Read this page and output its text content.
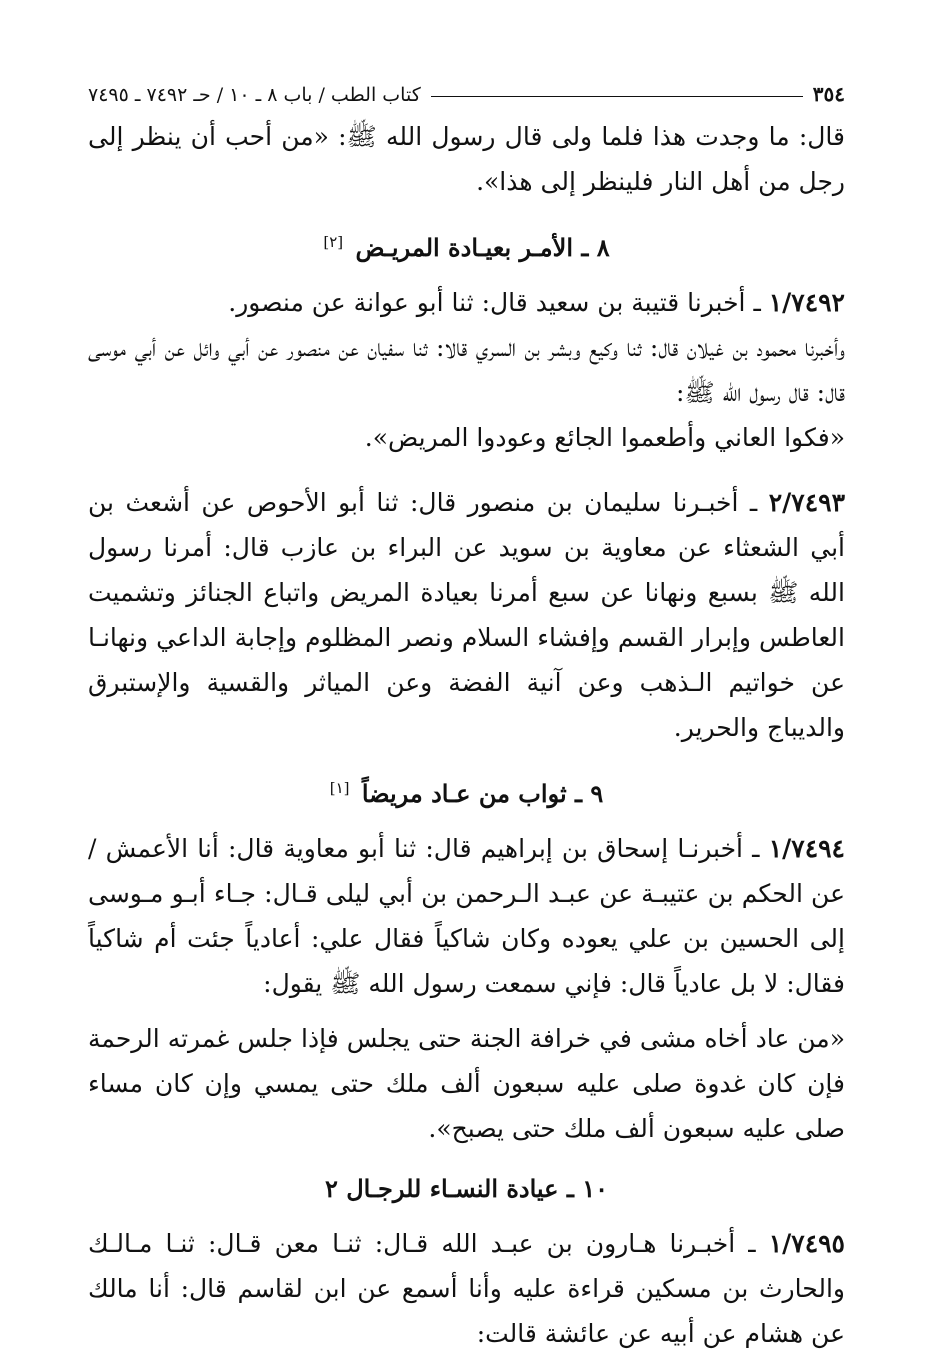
٣٥٤
كتاب الطب / باب ٨ ـ ١٠ / حـ ٧٤٩٢ ـ ٧٤٩٥

قال: ما وجدت هذا فلما ولى قال رسول الله ﷺ: «من أحب أن ينظر إلى رجل من أهل النار فلينظر إلى هذا».

٨ ـ الأمـر بعيـادة المريـض [٢]

١/٧٤٩٢ ـ أخبرنا قتيبة بن سعيد قال: ثنا أبو عوانة عن منصور.

وأخبرنا محمود بن غيلان قال: ثنا وكيع وبشر بن السري قالا: ثنا سفيان عن منصور عن أبي وائل عن أبي موسى قال: قال رسول الله ﷺ:

«فكوا العاني وأطعموا الجائع وعودوا المريض».

٢/٧٤٩٣ ـ أخبـرنا سليمان بن منصور قال: ثنا أبو الأحوص عن أشعث بن أبي الشعثاء عن معاوية بن سويد عن البراء بن عازب قال: أمرنا رسول الله ﷺ بسبع ونهانا عن سبع أمرنا بعيادة المريض واتباع الجنائز وتشميت العاطس وإبرار القسم وإفشاء السلام ونصر المظلوم وإجابة الداعي ونهانـا عن خواتيم الـذهب وعن آنية الفضة وعن المياثر والقسية والإستبرق والديباج والحرير.

٩ ـ ثواب من عـاد مريضاً [١]

١/٧٤٩٤ ـ أخبرنـا إسحاق بن إبراهيم قال: ثنا أبو معاوية قال: أنا الأعمش / عن الحكم بن عتيبـة عن عبـد الـرحمن بن أبي ليلى قـال: جـاء أبـو مـوسى إلى الحسين بن علي يعوده وكان شاكياً فقال علي: أعادياً جئت أم شاكياً فقال: لا بل عادياً قال: فإني سمعت رسول الله ﷺ يقول:

«من عاد أخاه مشى في خرافة الجنة حتى يجلس فإذا جلس غمرته الرحمة فإن كان غدوة صلى عليه سبعون ألف ملك حتى يمسي وإن كان مساء صلى عليه سبعون ألف ملك حتى يصبح».

١٠ ـ عيادة النسـاء للرجـال ٢

١/٧٤٩٥ ـ أخبـرنا هـارون بن عبـد الله قـال: ثنـا معن قـال: ثنـا مـالـك والحارث بن مسكين قراءة عليه وأنا أسمع عن ابن لقاسم قال: أنا مالك عن هشام عن أبيه عن عائشة قالت:
